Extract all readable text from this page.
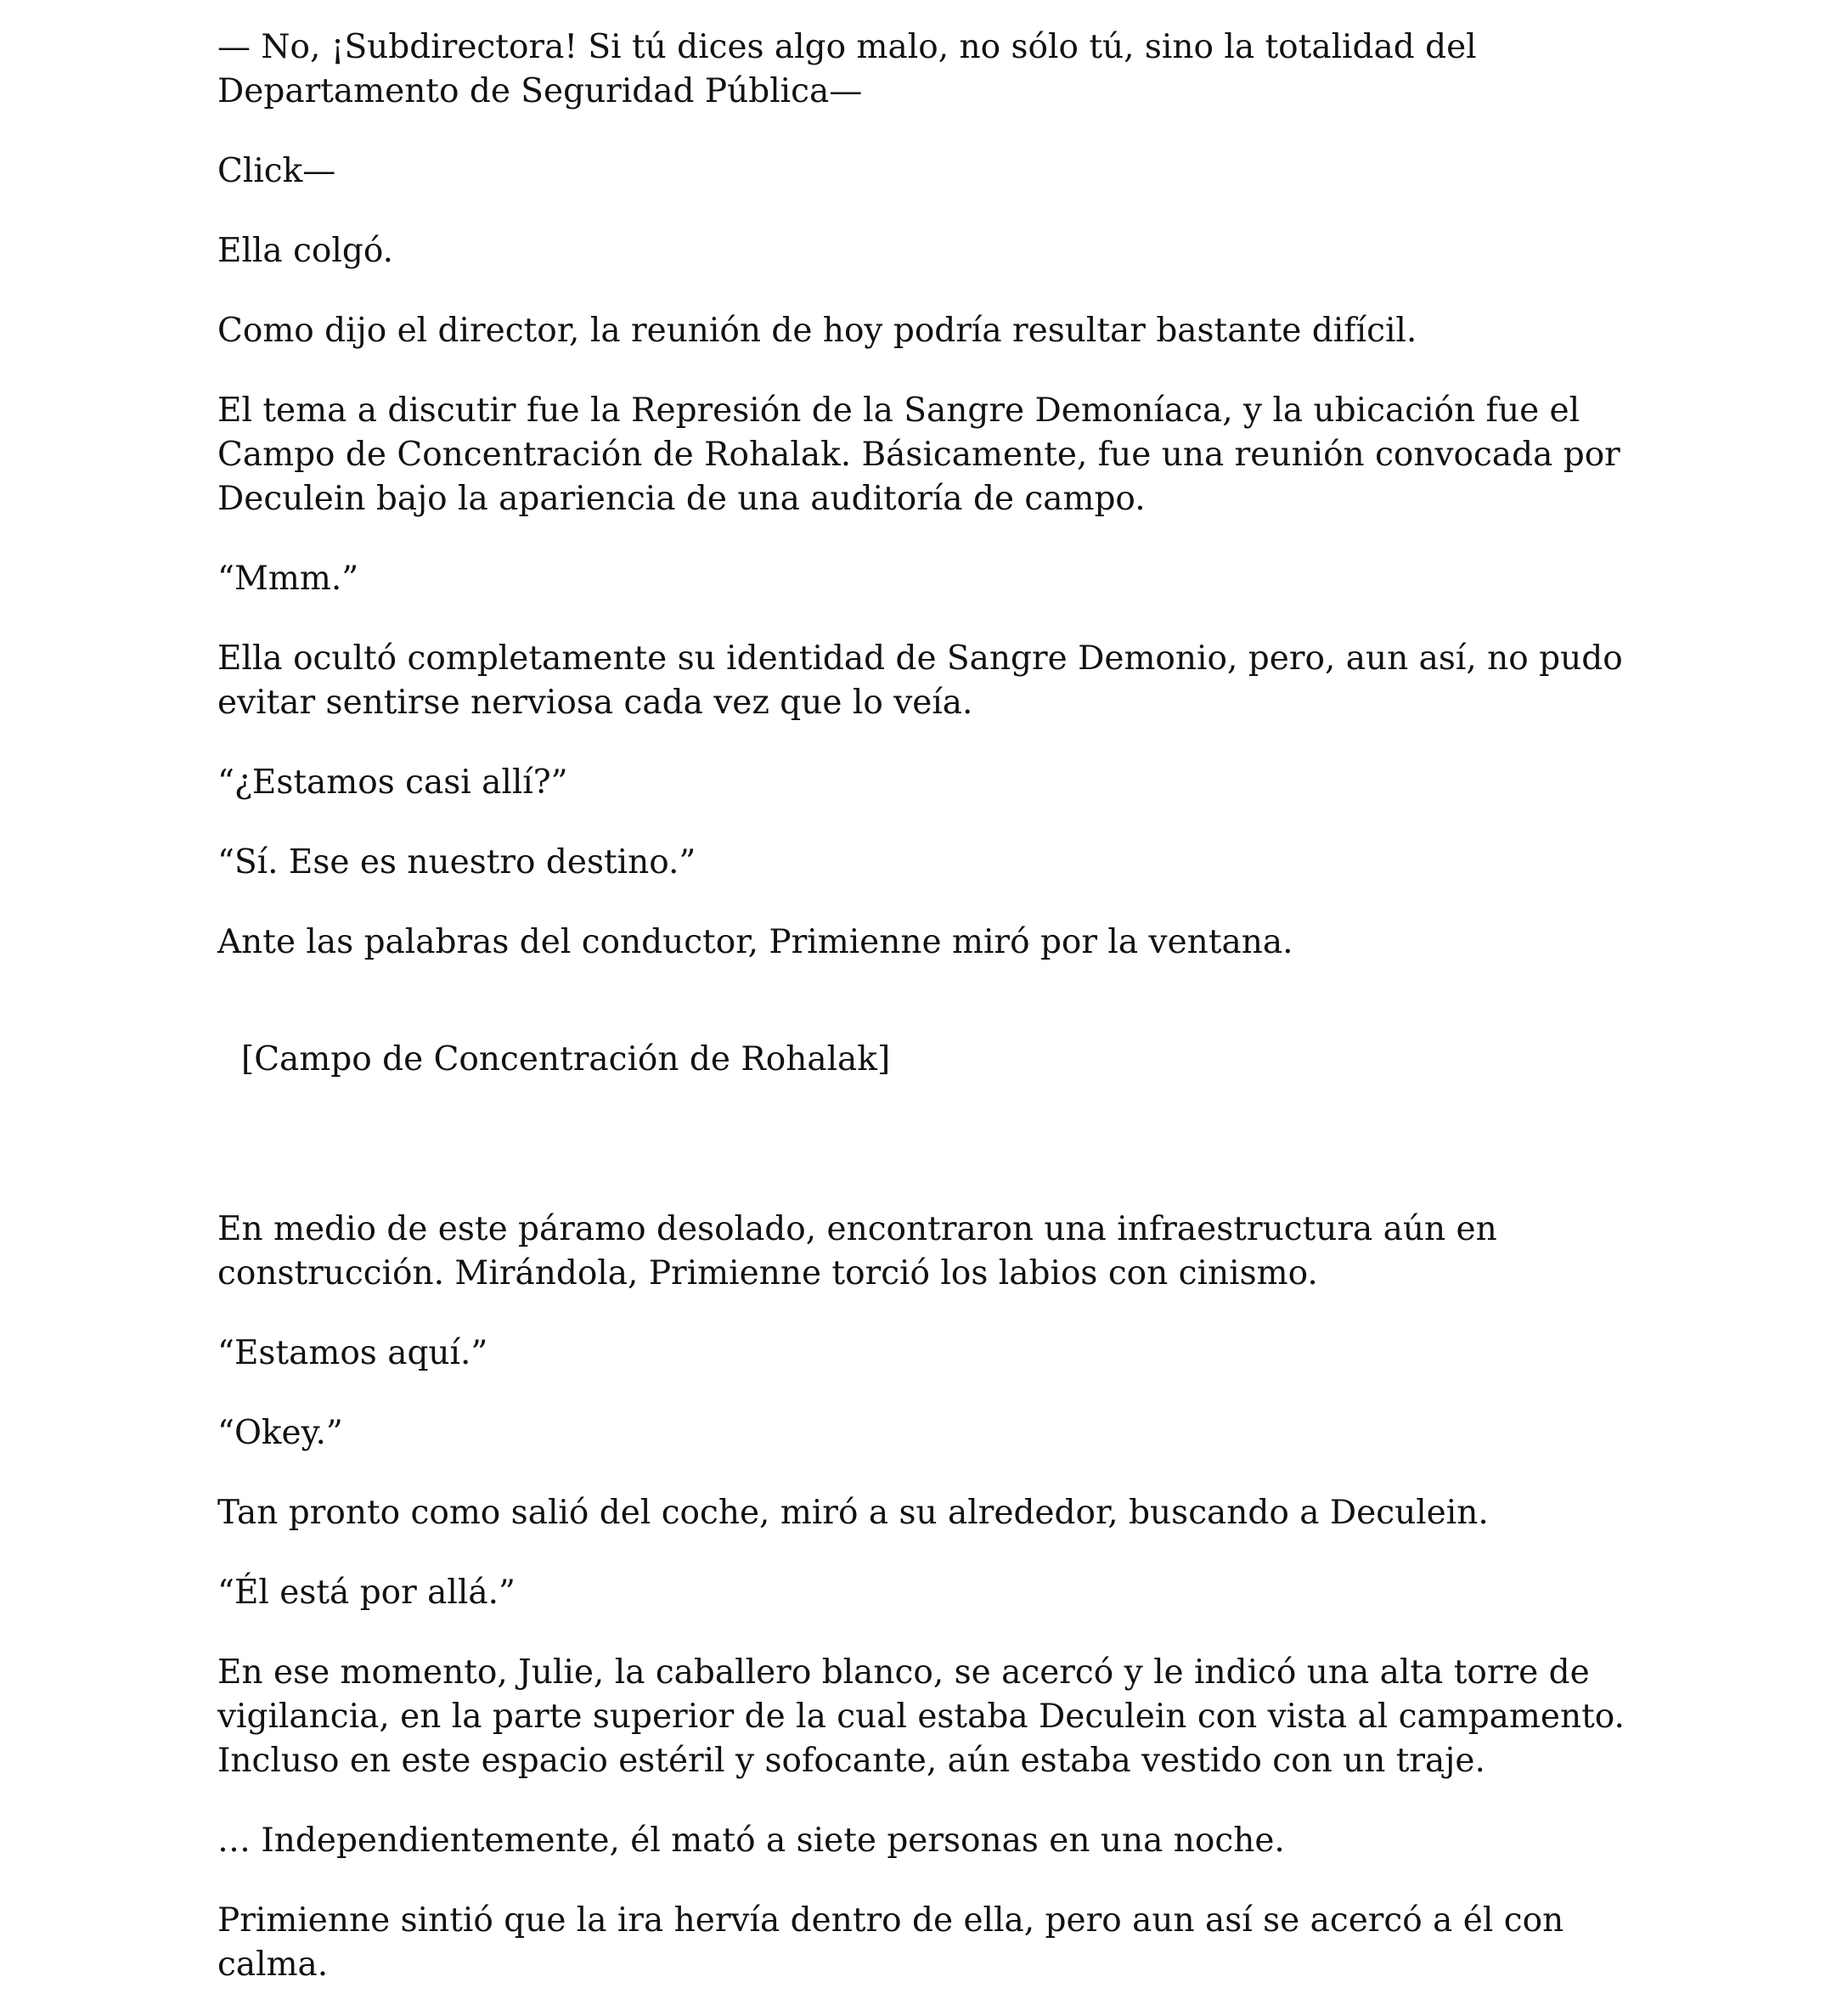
— No, ¡Subdirectora! Si tú dices algo malo, no sólo tú, sino la totalidad del Departamento de Seguridad Pública—

Click—

Ella colgó.

Como dijo el director, la reunión de hoy podría resultar bastante difícil.

El tema a discutir fue la Represión de la Sangre Demoníaca, y la ubicación fue el Campo de Concentración de Rohalak. Básicamente, fue una reunión convocada por Deculein bajo la apariencia de una auditoría de campo.

“Mmm.”

Ella ocultó completamente su identidad de Sangre Demonio, pero, aun así, no pudo evitar sentirse nerviosa cada vez que lo veía.

“¿Estamos casi allí?”

“Sí. Ese es nuestro destino.”

Ante las palabras del conductor, Primienne miró por la ventana.

[Campo de Concentración de Rohalak]

En medio de este páramo desolado, encontraron una infraestructura aún en construcción. Mirándola, Primienne torció los labios con cinismo.

“Estamos aquí.”

“Okey.”

Tan pronto como salió del coche, miró a su alrededor, buscando a Deculein.

“Él está por allá.”

En ese momento, Julie, la caballero blanco, se acercó y le indicó una alta torre de vigilancia, en la parte superior de la cual estaba Deculein con vista al campamento. Incluso en este espacio estéril y sofocante, aún estaba vestido con un traje.

… Independientemente, él mató a siete personas en una noche.

Primienne sintió que la ira hervía dentro de ella, pero aun así se acercó a él con calma.
